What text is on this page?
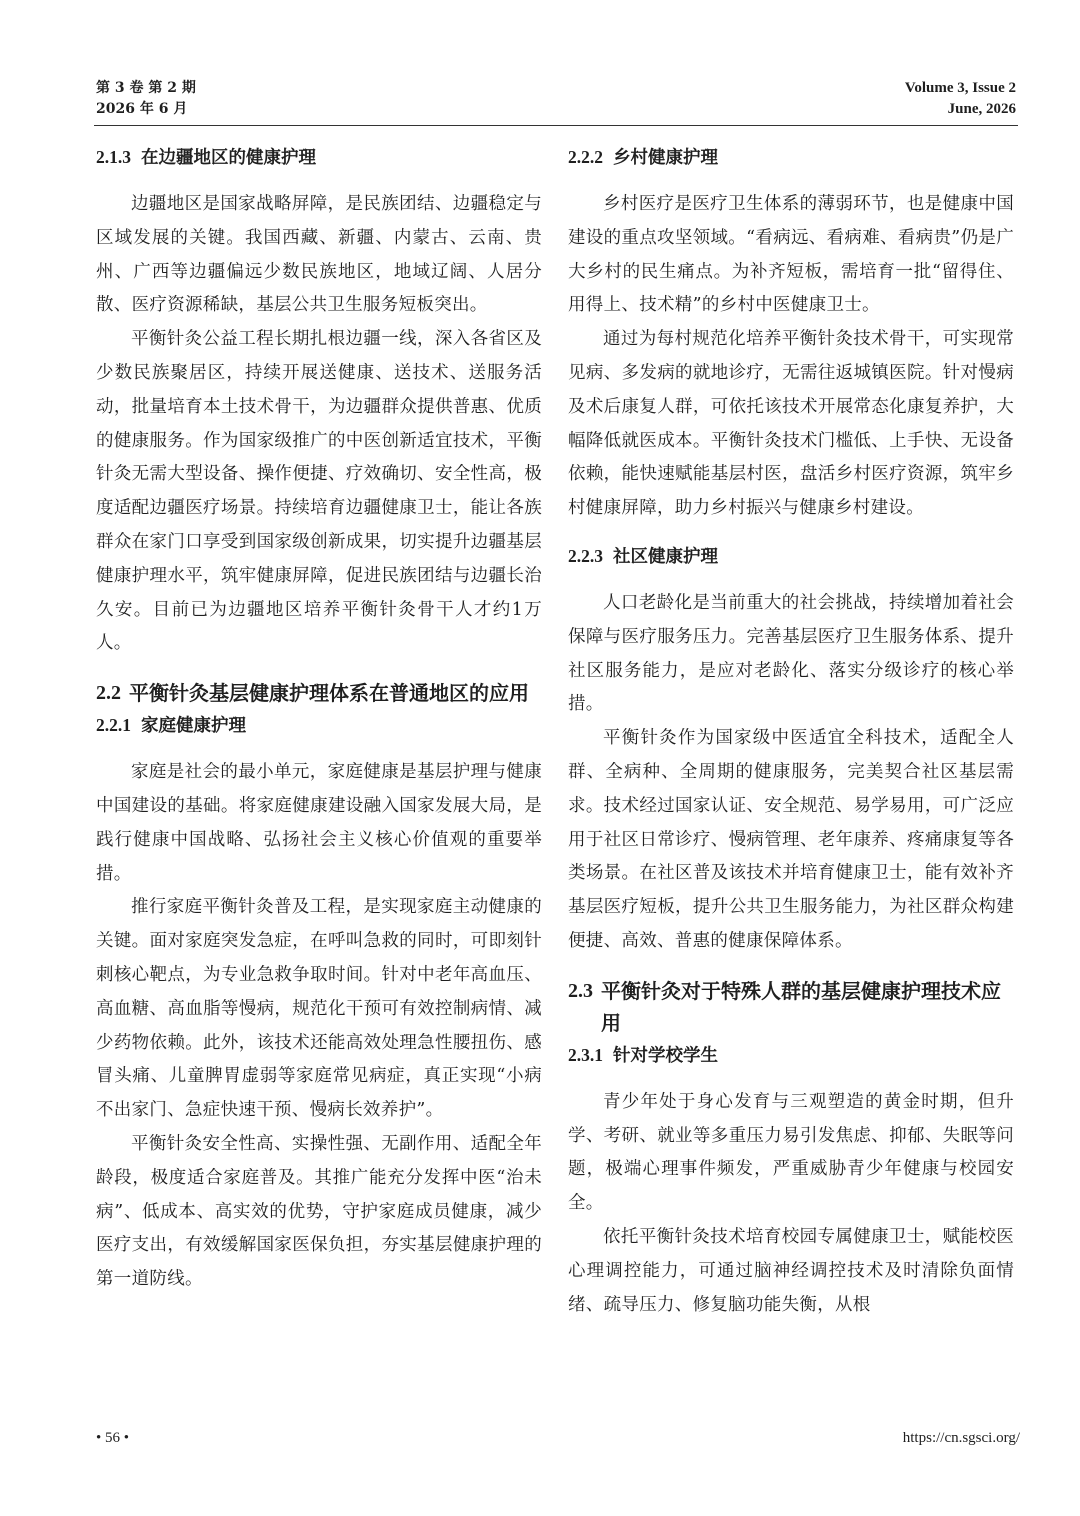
第 3 卷 第 2 期
2026 年 6 月
Volume 3, Issue 2
June, 2026
2.1.3 在边疆地区的健康护理

边疆地区是国家战略屏障，是民族团结、边疆稳定与区域发展的关键。我国西藏、新疆、内蒙古、云南、贵州、广西等边疆偏远少数民族地区，地域辽阔、人居分散、医疗资源稀缺，基层公共卫生服务短板突出。

平衡针灸公益工程长期扎根边疆一线，深入各省区及少数民族聚居区，持续开展送健康、送技术、送服务活动，批量培育本土技术骨干，为边疆群众提供普惠、优质的健康服务。作为国家级推广的中医创新适宜技术，平衡针灸无需大型设备、操作便捷、疗效确切、安全性高，极度适配边疆医疗场景。持续培育边疆健康卫士，能让各族群众在家门口享受到国家级创新成果，切实提升边疆基层健康护理水平，筑牢健康屏障，促进民族团结与边疆长治久安。目前已为边疆地区培养平衡针灸骨干人才约1万人。

2.2 平衡针灸基层健康护理体系在普通地区的应用
2.2.1 家庭健康护理

家庭是社会的最小单元，家庭健康是基层护理与健康中国建设的基础。将家庭健康建设融入国家发展大局，是践行健康中国战略、弘扬社会主义核心价值观的重要举措。

推行家庭平衡针灸普及工程，是实现家庭主动健康的关键。面对家庭突发急症，在呼叫急救的同时，可即刻针刺核心靶点，为专业急救争取时间。针对中老年高血压、高血糖、高血脂等慢病，规范化干预可有效控制病情、减少药物依赖。此外，该技术还能高效处理急性腰扭伤、感冒头痛、儿童脾胃虚弱等家庭常见病症，真正实现“小病不出家门、急症快速干预、慢病长效养护”。

平衡针灸安全性高、实操性强、无副作用、适配全年龄段，极度适合家庭普及。其推广能充分发挥中医“治未病”、低成本、高实效的优势，守护家庭成员健康，减少医疗支出，有效缓解国家医保负担，夯实基层健康护理的第一道防线。

2.2.2 乡村健康护理

乡村医疗是医疗卫生体系的薄弱环节，也是健康中国建设的重点攻坚领域。“看病远、看病难、看病贵”仍是广大乡村的民生痛点。为补齐短板，需培育一批“留得住、用得上、技术精”的乡村中医健康卫士。

通过为每村规范化培养平衡针灸技术骨干，可实现常见病、多发病的就地诊疗，无需往返城镇医院。针对慢病及术后康复人群，可依托该技术开展常态化康复养护，大幅降低就医成本。平衡针灸技术门槛低、上手快、无设备依赖，能快速赋能基层村医，盘活乡村医疗资源，筑牢乡村健康屏障，助力乡村振兴与健康乡村建设。

2.2.3 社区健康护理

人口老龄化是当前重大的社会挑战，持续增加着社会保障与医疗服务压力。完善基层医疗卫生服务体系、提升社区服务能力，是应对老龄化、落实分级诊疗的核心举措。

平衡针灸作为国家级中医适宜全科技术，适配全人群、全病种、全周期的健康服务，完美契合社区基层需求。技术经过国家认证、安全规范、易学易用，可广泛应用于社区日常诊疗、慢病管理、老年康养、疼痛康复等各类场景。在社区普及该技术并培育健康卫士，能有效补齐基层医疗短板，提升公共卫生服务能力，为社区群众构建便捷、高效、普惠的健康保障体系。

2.3 平衡针灸对于特殊人群的基层健康护理技术应用
2.3.1 针对学校学生

青少年处于身心发育与三观塑造的黄金时期，但升学、考研、就业等多重压力易引发焦虑、抑郁、失眠等问题，极端心理事件频发，严重威胁青少年健康与校园安全。

依托平衡针灸技术培育校园专属健康卫士，赋能校医心理调控能力，可通过脑神经调控技术及时清除负面情绪、疏导压力、修复脑功能失衡，从根

• 56 •	https://cn.sgsci.org/
